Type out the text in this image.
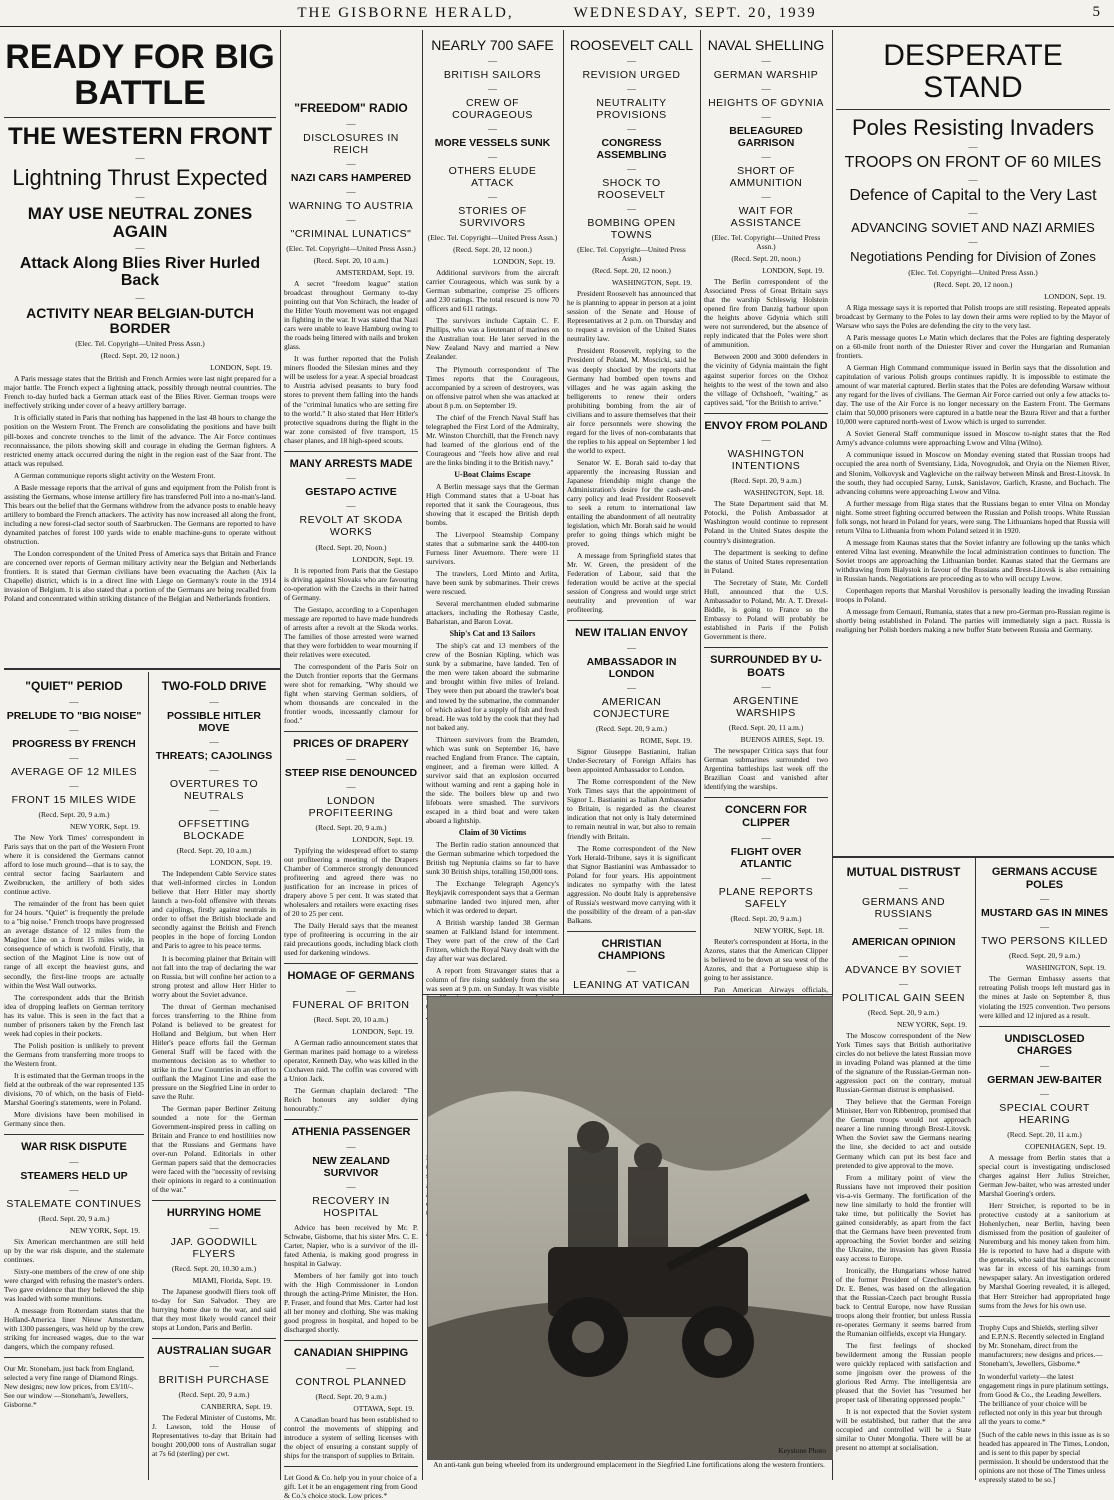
THE GISBORNE HERALD,	WEDNESDAY, SEPT. 20, 1939	5
READY FOR BIG BATTLE
THE WESTERN FRONT
—
Lightning Thrust Expected
—
MAY USE NEUTRAL ZONES AGAIN
—
Attack Along Blies River Hurled Back
—
ACTIVITY NEAR BELGIAN-DUTCH BORDER
(Elec. Tel. Copyright—United Press Assn.)
(Recd. Sept. 20, 12 noon.)
LONDON, Sept. 19.

A Paris message states that the British and French Armies were last night prepared for a major battle. The French expect a lightning attack, possibly through neutral countries. The French to-day hurled back a German attack east of the Blies River. German troops were ineffectively striking under cover of a heavy artillery barrage.

It is officially stated in Paris that nothing has happened in the last 48 hours to change the position on the Western Front. The French are consolidating the positions and have built pill-boxes and concrete trenches to the limit of the advance. The Air Force continues reconnaissance, the pilots showing skill and courage in eluding the German fighters. A restricted enemy attack occurred during the night in the region east of the Saar front. The attack was repulsed.

A German communique reports slight activity on the Western Front.

A Basle message reports that the arrival of guns and equipment from the Polish front is assisting the Germans, whose intense artillery fire has transferred Poll into a no-man's-land. This bears out the belief that the Germans withdrew from the advance posts to enable heavy artillery to bombard the French attackers. The activity has now increased all along the front, including a new forest-clad sector south of Saarbrucken. The Germans are reported to have dynamited patches of forest 100 yards wide to enable machine-guns to operate without obstruction.

The London correspondent of the United Press of America says that Britain and France are concerned over reports of German military activity near the Belgian and Netherlands frontiers. It is stated that German civilians have been evacuating the Aachen (Aix la Chapelle) district, which is in a direct line with Liege on Germany's route in the 1914 invasion of Belgium. It is also stated that a portion of the Germans are being recalled from Poland and concentrated within striking distance of the Belgian and Netherlands frontiers.

"QUIET" PERIOD
—
PRELUDE TO "BIG NOISE"
—
PROGRESS BY FRENCH
—
AVERAGE OF 12 MILES
—
FRONT 15 MILES WIDE
(Recd. Sept. 20, 9 a.m.)
NEW YORK, Sept. 19.

The New York Times' correspondent in Paris says that on the part of the Western Front where it is considered the Germans cannot afford to lose much ground—that is to say, the central sector facing Saarlautern and Zweibrucken, the artillery of both sides continue active.

The remainder of the front has been quiet for 24 hours. "Quiet" is frequently the prelude to a "big noise." French troops have progressed an average distance of 12 miles from the Maginot Line on a front 15 miles wide, in consequence of which is twofold. Firstly, that section of the Maginot Line is now out of range of all except the heaviest guns, and secondly, the first-line troops are actually within the West Wall outworks.

The correspondent adds that the British idea of dropping leaflets on German territory has its value. This is seen in the fact that a number of prisoners taken by the French last week had copies in their pockets.

The Polish position is unlikely to prevent the Germans from transferring more troops to the Western front.

It is estimated that the German troops in the field at the outbreak of the war represented 135 divisions, 70 of which, on the basis of Field-Marshal Goering's statements, were in Poland.

More divisions have been mobilised in Germany since then.

WAR RISK DISPUTE
—
STEAMERS HELD UP
—
STALEMATE CONTINUES
(Recd. Sept. 20, 9 a.m.)
NEW YORK, Sept. 19.

Six American merchantmen are still held up by the war risk dispute, and the stalemate continues.

Sixty-one members of the crew of one ship were charged with refusing the master's orders. Two gave evidence that they believed the ship was loaded with some munitions.

A message from Rotterdam states that the Holland-America liner Nieuw Amsterdam, with 1300 passengers, was held up by the crew striking for increased wages, due to the war dangers, which the company refused.

Our Mr. Stoneham, just back from England, selected a very fine range of Diamond Rings. New designs; new low prices, from £3/10/-. See our window —Stoneham's, Jewellers, Gisborne.*

TWO-FOLD DRIVE
—
POSSIBLE HITLER MOVE
—
THREATS; CAJOLINGS
—
OVERTURES TO NEUTRALS
—
OFFSETTING BLOCKADE
(Recd. Sept. 20, 10 a.m.)
LONDON, Sept. 19.

The Independent Cable Service states that well-informed circles in London believe that Herr Hitler may shortly launch a two-fold offensive with threats and cajolings, firstly against neutrals in order to offset the British blockade and secondly against the British and French peoples in the hope of forcing London and Paris to agree to his peace terms.

It is becoming plainer that Britain will not fall into the trap of declaring the war on Russia, but will confine her action to a strong protest and allow Herr Hitler to worry about the Soviet advance.

The threat of German mechanised forces transferring to the Rhine from Poland is believed to be greatest for Holland and Belgium, but when Herr Hitler's peace efforts fail the German General Staff will be faced with the momentous decision as to whether to strike in the Low Countries in an effort to outflank the Maginot Line and ease the pressure on the Siegfried Line in order to save the Ruhr.

The German paper Berliner Zeitung sounded a note for the German Government-inspired press in calling on Britain and France to end hostilities now that the Russians and Germans have over-run Poland. Editorials in other German papers said that the democracies were faced with the "necessity of revising their opinions in regard to a continuation of the war."

HURRYING HOME
—
JAP. GOODWILL FLYERS
(Recd. Sept. 20, 10.30 a.m.)
MIAMI, Florida, Sept. 19.

The Japanese goodwill fliers took off to-day for San Salvador. They are hurrying home due to the war, and said that they most likely would cancel their stops at London, Paris and Berlin.

AUSTRALIAN SUGAR
—
BRITISH PURCHASE
(Recd. Sept. 20, 9 a.m.)
CANBERRA, Sept. 19.

The Federal Minister of Customs, Mr. J. Lawson, told the House of Representatives to-day that Britain had bought 200,000 tons of Australian sugar at 7s 6d (sterling) per cwt.

"FREEDOM" RADIO
—
DISCLOSURES IN REICH
—
NAZI CARS HAMPERED
—
WARNING TO AUSTRIA
—
"CRIMINAL LUNATICS"
(Elec. Tel. Copyright—United Press Assn.)
(Recd. Sept. 20, 10 a.m.)
AMSTERDAM, Sept. 19.

A secret "freedom league" station broadcast throughout Germany to-day pointing out that Von Schirach, the leader of the Hitler Youth movement was not engaged in fighting in the war. It was stated that Nazi cars were unable to leave Hamburg owing to the roads being littered with nails and broken glass.

It was further reported that the Polish miners flooded the Silesian mines and they will be useless for a year. A special broadcast to Austria advised peasants to bury food stores to prevent them falling into the hands of the "criminal lunatics who are setting fire to the world." It also stated that Herr Hitler's protective squadrons during the flight in the war zone consisted of five transport, 15 chaser planes, and 18 high-speed scouts.

MANY ARRESTS MADE
—
GESTAPO ACTIVE
—
REVOLT AT SKODA WORKS
(Recd. Sept. 20, Noon.)
LONDON, Sept. 19.

It is reported from Paris that the Gestapo is driving against Slovaks who are favouring co-operation with the Czechs in their hatred of Germany.

The Gestapo, according to a Copenhagen message are reported to have made hundreds of arrests after a revolt at the Skoda works. The families of those arrested were warned that they were forbidden to wear mourning if their relatives were executed.

The correspondent of the Paris Soir on the Dutch frontier reports that the Germans were shot for remarking, "Why should we fight when starving German soldiers, of whom thousands are concealed in the frontier woods, incessantly clamour for food."

PRICES OF DRAPERY
—
STEEP RISE DENOUNCED
—
LONDON PROFITEERING
(Recd. Sept. 20, 9 a.m.)
LONDON, Sept. 19.

Typifying the widespread effort to stamp out profiteering a meeting of the Drapers Chamber of Commerce strongly denounced profiteering and agreed there was no justification for an increase in prices of drapery above 5 per cent. It was stated that wholesalers and retailers were exacting rises of 20 to 25 per cent.

The Daily Herald says that the meanest type of profiteering is occurring in the air raid precautions goods, including black cloth used for darkening windows.

HOMAGE OF GERMANS
—
FUNERAL OF BRITON
(Recd. Sept. 20, 10 a.m.)
LONDON, Sept. 19.

A German radio announcement states that German marines paid homage to a wireless operator, Kenneth Day, who was killed in the Cuxhaven raid. The coffin was covered with a Union Jack.

The German chaplain declared: "The Reich honours any soldier dying honourably."

ATHENIA PASSENGER
—
NEW ZEALAND SURVIVOR
—
RECOVERY IN HOSPITAL

Advice has been received by Mr. P. Schwabe, Gisborne, that his sister Mrs. C. E. Carter, Napier, who is a survivor of the ill-fated Athenia, is making good progress in hospital in Galway.

Members of her family got into touch with the High Commissioner in London through the acting-Prime Minister, the Hon. P. Fraser, and found that Mrs. Carter had lost all her money and clothing. She was making good progress in hospital, and hoped to be discharged shortly.

CANADIAN SHIPPING
—
CONTROL PLANNED
(Recd. Sept. 20, 9 a.m.)
OTTAWA, Sept. 19.

A Canadian board has been established to control the movements of shipping and introduce a system of selling licenses with the object of ensuring a constant supply of ships for the transport of supplies to Britain.

Let Good & Co. help you in your choice of a gift. Let it be an engagement ring from Good & Co.'s choice stock. Low prices.*

NEARLY 700 SAFE
—
BRITISH SAILORS
—
CREW OF COURAGEOUS
—
MORE VESSELS SUNK
—
OTHERS ELUDE ATTACK
—
STORIES OF SURVIVORS
(Elec. Tel. Copyright—United Press Assn.)
(Recd. Sept. 20, 12 noon.)
LONDON, Sept. 19.

Additional survivors from the aircraft carrier Courageous, which was sunk by a German submarine, comprise 25 officers and 230 ratings. The total rescued is now 70 officers and 611 ratings.

The survivors include Captain C. F. Phillips, who was a lieutenant of marines on the Australian tour. He later served in the New Zealand Navy and married a New Zealander.

The Plymouth correspondent of The Times reports that the Courageous, accompanied by a screen of destroyers, was on offensive patrol when she was attacked at about 8 p.m. on September 19.

The chief of the French Naval Staff has telegraphed the First Lord of the Admiralty, Mr. Winston Churchill, that the French navy had learned of the glorious end of the Courageous and "feels how alive and real are the links binding it to the British navy."

U-Boat Claims Escape

A Berlin message says that the German High Command states that a U-boat has reported that it sank the Courageous, thus showing that it escaped the British depth bombs.

The Liverpool Steamship Company states that a submarine sank the 4400-ton Furness liner Avuemore. There were 11 survivors.

The trawlers, Lord Minto and Arlita, have been sunk by submarines. Their crews were rescued.

Several merchantmen eluded submarine attackers, including the Rothesay Castle, Baharistan, and Baron Lovat.

Ship's Cat and 13 Sailors

The ship's cat and 13 members of the crew of the Bosnian Kipling, which was sunk by a submarine, have landed. Ten of the men were taken aboard the submarine and brought within five miles of Ireland. They were then put aboard the trawler's boat and towed by the submarine, the commander of which asked for a supply of fish and fresh bread. He was told by the cook that they had not baked any.

Thirteen survivors from the Bramden, which was sunk on September 16, have reached England from France. The captain, engineer, and a fireman were killed. A survivor said that an explosion occurred without warning and rent a gaping hole in the side. The boilers blew up and two lifeboats were smashed. The survivors escaped in a third boat and were taken aboard a lightship.

Claim of 30 Victims

The Berlin radio station announced that the German submarine which torpedoed the British tug Neptunia claims so far to have sunk 30 British ships, totalling 150,000 tons.

The Exchange Telegraph Agency's Reykjavik correspondent says that a German submarine landed two injured men, after which it was ordered to depart.

A British warship landed 38 German seamen at Falkland Island for internment. They were part of the crew of the Carl Fritzen, which the Royal Navy dealt with the day after war was declared.

A report from Stravanger states that a column of fire rising suddenly from the sea was seen at 9 p.m. on Sunday. It was visible

ROOSEVELT CALL
—
REVISION URGED
—
NEUTRALITY PROVISIONS
—
CONGRESS ASSEMBLING
—
SHOCK TO ROOSEVELT
—
BOMBING OPEN TOWNS
(Elec. Tel. Copyright—United Press Assn.)
(Recd. Sept. 20, 12 noon.)
WASHINGTON, Sept. 19.

President Roosevelt has announced that he is planning to appear in person at a joint session of the Senate and House of Representatives at 2 p.m. on Thursday and to request a revision of the United States neutrality law.

President Roosevelt, replying to the President of Poland, M. Moscicki, said he was deeply shocked by the reports that Germany had bombed open towns and villages and he was again asking the belligerents to renew their orders prohibiting bombing from the air of civilians and to assure themselves that their air force personnels were showing the regard for the lives of non-combatants that the replies to his appeal on September 1 led the world to expect.

Senator W. E. Borah said to-day that apparently the increasing Russian and Japanese friendship might change the Administration's desire for the cash-and-carry policy and lead President Roosevelt to seek a return to international law entailing the abandonment of all neutrality legislation, which Mr. Borah said he would prefer to going things which might be proved.

A message from Springfield states that Mr. W. Green, the president of the Federation of Labour, said that the federation would be active at the special session of Congress and would urge strict neutrality and prevention of war profiteering.

NEW ITALIAN ENVOY
—
AMBASSADOR IN LONDON
—
AMERICAN CONJECTURE
(Recd. Sept. 20, 9 a.m.)
ROME, Sept. 19.

Signor Giuseppe Bastianini, Italian Under-Secretary of Foreign Affairs has been appointed Ambassador to London.

The Rome correspondent of the New York Times says that the appointment of Signor L. Bastianini as Italian Ambassador to Britain, is regarded as the clearest indication that not only is Italy determined to remain neutral in war, but also to remain friendly with Britain.

The Rome correspondent of the New York Herald-Tribune, says it is significant that Signor Bastianini was Ambassador to Poland for four years. His appointment indicates no sympathy with the latest aggression. No doubt Italy is apprehensive of Russia's westward move carrying with it the possibility of the dream of a pan-slav Balkans.

CHRISTIAN CHAMPIONS
—
LEANING AT VATICAN

NAVAL SHELLING
—
GERMAN WARSHIP
—
HEIGHTS OF GDYNIA
—
BELEAGURED GARRISON
—
SHORT OF AMMUNITION
—
WAIT FOR ASSISTANCE
(Elec. Tel. Copyright—United Press Assn.)
(Recd. Sept. 20, noon.)
LONDON, Sept. 19.

The Berlin correspondent of the Associated Press of Great Britain says that the warship Schleswig Holstein opened fire from Danzig harbour upon the heights above Gdynia which still were not surrendered, but the absence of reply indicated that the Poles were short of ammunition.

Between 2000 and 3000 defenders in the vicinity of Gdynia maintain the fight against superior forces on the Oxhoz heights to the west of the town and also the village of Ochshoeft, "waiting," as captives said, "for the British to arrive."

ENVOY FROM POLAND
—
WASHINGTON INTENTIONS
(Recd. Sept. 20, 9 a.m.)
WASHINGTON, Sept. 18.

The State Department said that M. Potocki, the Polish Ambassador at Washington would continue to represent Poland in the United States despite the country's disintegration.

The department is seeking to define the status of United States representation in Poland.

The Secretary of State, Mr. Cordell Hull, announced that the U.S. Ambassador to Poland, Mr. A. T. Drexel-Biddle, is going to France so the Embassy to Poland will probably be established in Paris if the Polish Government is there.

SURROUNDED BY U-BOATS
—
ARGENTINE WARSHIPS
(Recd. Sept. 20, 11 a.m.)
BUENOS AIRES, Sept. 19.

The newspaper Critica says that four German submarines surrounded two Argentina battleships last week off the Brazilian Coast and vanished after identifying the warships.

CONCERN FOR CLIPPER
—
FLIGHT OVER ATLANTIC
—
PLANE REPORTS SAFELY
(Recd. Sept. 20, 9 a.m.)
NEW YORK, Sept. 18.

Reuter's correspondent at Horta, in the Azores, states that the American Clipper is believed to be down at sea west of the Azores, and that a Portuguese ship is going to her assistance.

Pan American Airways officials,

Keystone Photo
An anti-tank gun being wheeled from its underground emplacement in the Siegfried Line fortifications along the western frontiers.
DESPERATE STAND
Poles Resisting Invaders
—
TROOPS ON FRONT OF 60 MILES
—
Defence of Capital to the Very Last
—
ADVANCING SOVIET AND NAZI ARMIES
—
Negotiations Pending for Division of Zones
(Elec. Tel. Copyright—United Press Assn.)
(Recd. Sept. 20, 12 noon.)
LONDON, Sept. 19.

A Riga message says it is reported that Polish troops are still resisting. Repeated appeals broadcast by Germany to the Poles to lay down their arms were replied to by the Mayor of Warsaw who says the Poles are defending the city to the very last.

A Paris message quotes Le Matin which declares that the Poles are fighting desperately on a 60-mile front north of the Dniester River and cover the Hungarian and Rumanian frontiers.

A German High Command communique issued in Berlin says that the dissolution and capitulation of various Polish groups continues rapidly. It is impossible to estimate the amount of war material captured. Berlin states that the Poles are defending Warsaw without any regard for the lives of civilians. The German Air Force carried out only a few attacks to-day. The use of the Air Force is no longer necessary on the Eastern Front. The Germans claim that 50,000 prisoners were captured in a battle near the Bzura River and that a further 10,000 were captured north-west of Lwow which is urged to surrender.

A Soviet General Staff communique issued in Moscow to-night states that the Red Army's advance columns were approaching Lwow and Vilna (Wilno).

A communique issued in Moscow on Monday evening stated that Russian troops had occupied the area north of Sventsiany, Lida, Novogrudok, and Oryia on the Niemen River, and Slonim, Volkovysk and Vagleviche on the railway between Minsk and Brest-Litovsk. In the south, they had occupied Sarny, Lutsk, Sanislavov, Garlich, Krasne, and Buchach. The advancing columns were approaching Lwow and Vilna.

A further message from Riga states that the Russians began to enter Vilna on Monday night. Some street fighting occurred between the Russian and Polish troops. White Russian folk songs, not heard in Poland for years, were sung. The Lithuanians hoped that Russia will return Vilna to Lithuania from whom Poland seized it in 1920.

A message from Kaunas states that the Soviet infantry are following up the tanks which entered Vilna last evening. Meanwhile the local administration continues to function. The Soviet troops are approaching the Lithuanian border. Kaunas stated that the Germans are withdrawing from Bialystok in favour of the Russians and Brest-Litovsk is also remaining in Russian hands. Negotiations are proceeding as to who will occupy Lwow.

Copenhagen reports that Marshal Voroshilov is personally leading the invading Russian troops in Poland.

A message from Cernauti, Rumania, states that a new pro-German pro-Russian regime is shortly being established in Poland. The parties will immediately sign a pact. Russia is realigning her Polish borders making a new buffer State between Russia and Germany.

MUTUAL DISTRUST
—
GERMANS AND RUSSIANS
—
AMERICAN OPINION
—
ADVANCE BY SOVIET
—
POLITICAL GAIN SEEN
(Recd. Sept. 20, 9 a.m.)
NEW YORK, Sept. 19.

The Moscow correspondent of the New York Times says that British authoritative circles do not believe the latest Russian move in invading Poland was planned at the time of the signature of the Russian-German non-aggression pact on the contrary, mutual Russian-German distrust is emphasised.

They believe that the German Foreign Minister, Herr von Ribbentrop, promised that the German troops would not approach nearer a line running through Brest-Litovsk. When the Soviet saw the Germans nearing the line, she decided to act and outside Germany which can put its best face and pretended to give approval to the move.

From a military point of view the Russians have not improved their position vis-a-vis Germany. The fortification of the new line similarly to hold the frontier will take time, but politically the Soviet has gained considerably, as apart from the fact that the Germans have been prevented from approaching the Soviet border and seizing the Ukraine, the invasion has given Russia easy access to Europe.

Ironically, the Hungarians whose hatred of the former President of Czechoslovakia, Dr. E. Benes, was based on the allegation that the Russian-Czech pact brought Russia back to Central Europe, now have Russian troops along their frontier, but unless Russia re-operates Germany it seems barred from the Rumanian oilfields, except via Hungary.

The first feelings of shocked bewilderment among the Russian people were quickly replaced with satisfaction and some jingoism over the prowess of the glorious Red Army. The intelligentsia are pleased that the Soviet has "resumed her proper task of liberating oppressed people."

It is not expected that the Soviet system will be established, but rather that the area occupied and controlled will be a State similar to Outer Mongolia. There will be at present no attempt at socialisation.

GERMANS ACCUSE POLES
—
MUSTARD GAS IN MINES
—
TWO PERSONS KILLED
(Recd. Sept. 20, 9 a.m.)
WASHINGTON, Sept. 19.

The German Embassy asserts that retreating Polish troops left mustard gas in the mines at Jasle on September 8, thus violating the 1925 convention. Two persons were killed and 12 injured as a result.

UNDISCLOSED CHARGES
—
GERMAN JEW-BAITER
—
SPECIAL COURT HEARING
(Recd. Sept. 20, 11 a.m.)
COPENHAGEN, Sept. 19.

A message from Berlin states that a special court is investigating undisclosed charges against Herr Julius Streicher, German Jew-baiter, who was arrested under Marshal Goering's orders.

Herr Streicher, is reported to be in protective custody at a sanitorium at Hohenlychen, near Berlin, having been dismissed from the position of gauleiter of Nuremburg and his money taken from him. He is reported to have had a dispute with the generals, who said that his bank account was far in excess of his earnings from newspaper salary. An investigation ordered by Marshal Goering revealed, it is alleged, that Herr Streicher had appropriated huge sums from the Jews for his own use.

Trophy Cups and Shields, sterling silver and E.P.N.S. Recently selected in England by Mr. Stoneham, direct from the manufacturers; new designs and prices.—Stoneham's, Jewellers, Gisborne.*

In wonderful variety—the latest engagement rings in pure platinum settings, from Good & Co., the Leading Jewellers. The brilliance of your choice will be reflected not only in this year but through all the years to come.*

[Such of the cable news in this issue as is so headed has appeared in The Times, London, and is sent to this paper by special permission. It should be understood that the opinions are not those of The Times unless expressly stated to be so.]
